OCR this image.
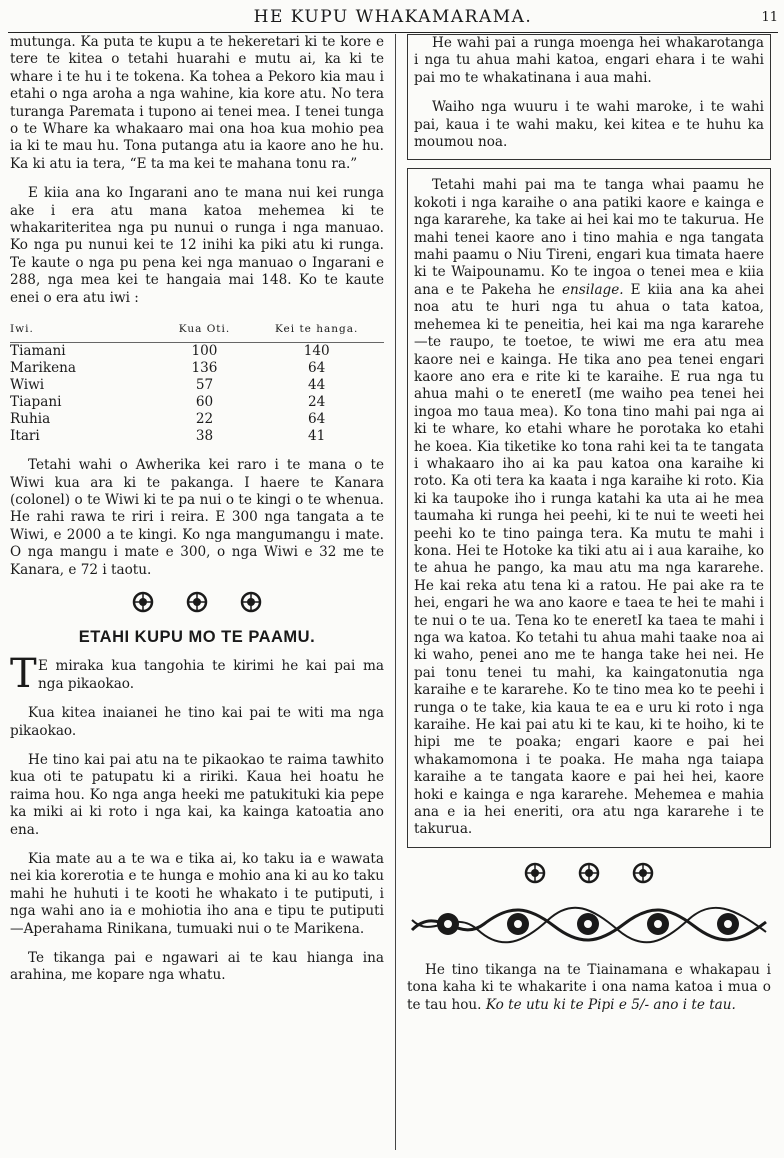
HE KUPU WHAKAMARAMA.	11

mutunga. Ka puta te kupu a te hekeretari ki te kore e tere te kitea o tetahi huarahi e mutu ai, ka ki te whare i te hu i te tokena. Ka tohea a Pekoro kia mau i etahi o nga aroha a nga wahine, kia kore atu. No tera turanga Paremata i tupono ai tenei mea. I tenei tunga o te Whare ka whakaaro mai ona hoa kua mohio pea ia ki te mau hu. Tona putanga atu ia kaore ano he hu. Ka ki atu ia tera, “E ta ma kei te mahana tonu ra.”

E kiia ana ko Ingarani ano te mana nui kei runga ake i era atu mana katoa mehemea ki te whakariteritea nga pu nunui o runga i nga manuao. Ko nga pu nunui kei te 12 inihi ka piki atu ki runga. Te kaute o nga pu pena kei nga manuao o Ingarani e 288, nga mea kei te hangaia mai 148. Ko te kaute enei o era atu iwi :

Iwi.	Kua Oti.	Kei te hanga.
Tiamani	100	140
Marikena	136	64
Wiwi	57	44
Tiapani	60	24
Ruhia	22	64
Itari	38	41

Tetahi wahi o Awherika kei raro i te mana o te Wiwi kua ara ki te pakanga. I haere te Kanara (colonel) o te Wiwi ki te pa nui o te kingi o te whenua. He rahi rawa te riri i reira. E 300 nga tangata a te Wiwi, e 2000 a te kingi. Ko nga mangumangu i mate. O nga mangu i mate e 300, o nga Wiwi e 32 me te Kanara, e 72 i taotu.

ETAHI KUPU MO TE PAAMU.

T E miraka kua tangohia te kirimi he kai pai ma nga pikaokao.

Kua kitea inaianei he tino kai pai te witi ma nga pikaokao.

He tino kai pai atu na te pikaokao te raima tawhito kua oti te patupatu ki a ririki. Kaua hei hoatu he raima hou. Ko nga anga heeki me patukituki kia pepe ka miki ai ki roto i nga kai, ka kainga katoatia ano ena.

Kia mate au a te wa e tika ai, ko taku ia e wawata nei kia korerotia e te hunga e mohio ana ki au ko taku mahi he huhuti i te kooti he whakato i te putiputi, i nga wahi ano ia e mohiotia iho ana e tipu te putiputi—Aperahama Rinikana, tumuaki nui o te Marikena.

Te tikanga pai e ngawari ai te kau hianga ina arahina, me kopare nga whatu.

He wahi pai a runga moenga hei whakarotanga i nga tu ahua mahi katoa, engari ehara i te wahi pai mo te whakatinana i aua mahi.

Waiho nga wuuru i te wahi maroke, i te wahi pai, kaua i te wahi maku, kei kitea e te huhu ka moumou noa.

Tetahi mahi pai ma te tanga whai paamu he kokoti i nga karaihe o ana patiki kaore e kainga e nga kararehe, ka take ai hei kai mo te takurua. He mahi tenei kaore ano i tino mahia e nga tangata mahi paamu o Niu Tireni, engari kua timata haere ki te Waipounamu. Ko te ingoa o tenei mea e kiia ana e te Pakeha he ensilage. E kiia ana ka ahei noa atu te huri nga tu ahua o tata katoa, mehemea ki te peneitia, hei kai ma nga kararehe—te raupo, te toetoe, te wiwi me era atu mea kaore nei e kainga. He tika ano pea tenei engari kaore ano era e rite ki te karaihe. E rua nga tu ahua mahi o te eneretI (me waiho pea tenei hei ingoa mo taua mea). Ko tona tino mahi pai nga ai ki te whare, ko etahi whare he porotaka ko etahi he koea. Kia tiketike ko tona rahi kei ta te tangata i whakaaro iho ai ka pau katoa ona karaihe ki roto. Ka oti tera ka kaata i nga karaihe ki roto. Kia ki ka taupoke iho i runga katahi ka uta ai he mea taumaha ki runga hei peehi, ki te nui te weeti hei peehi ko te tino painga tera. Ka mutu te mahi i kona. Hei te Hotoke ka tiki atu ai i aua karaihe, ko te ahua he pango, ka mau atu ma nga kararehe. He kai reka atu tena ki a ratou. He pai ake ra te hei, engari he wa ano kaore e taea te hei te mahi i te nui o te ua. Tena ko te eneretI ka taea te mahi i nga wa katoa. Ko tetahi tu ahua mahi taake noa ai ki waho, penei ano me te hanga take hei nei. He pai tonu tenei tu mahi, ka kaingatonutia nga karaihe e te kararehe. Ko te tino mea ko te peehi i runga o te take, kia kaua te ea e uru ki roto i nga karaihe. He kai pai atu ki te kau, ki te hoiho, ki te hipi me te poaka; engari kaore e pai hei whakamomona i te poaka. He maha nga taiapa karaihe a te tangata kaore e pai hei hei, kaore hoki e kainga e nga kararehe. Mehemea e mahia ana e ia hei eneriti, ora atu nga kararehe i te takurua.

He tino tikanga na te Tiainamana e whakapau i tona kaha ki te whakarite i ona nama katoa i mua o te tau hou. Ko te utu ki te Pipi e 5/- ano i te tau.
